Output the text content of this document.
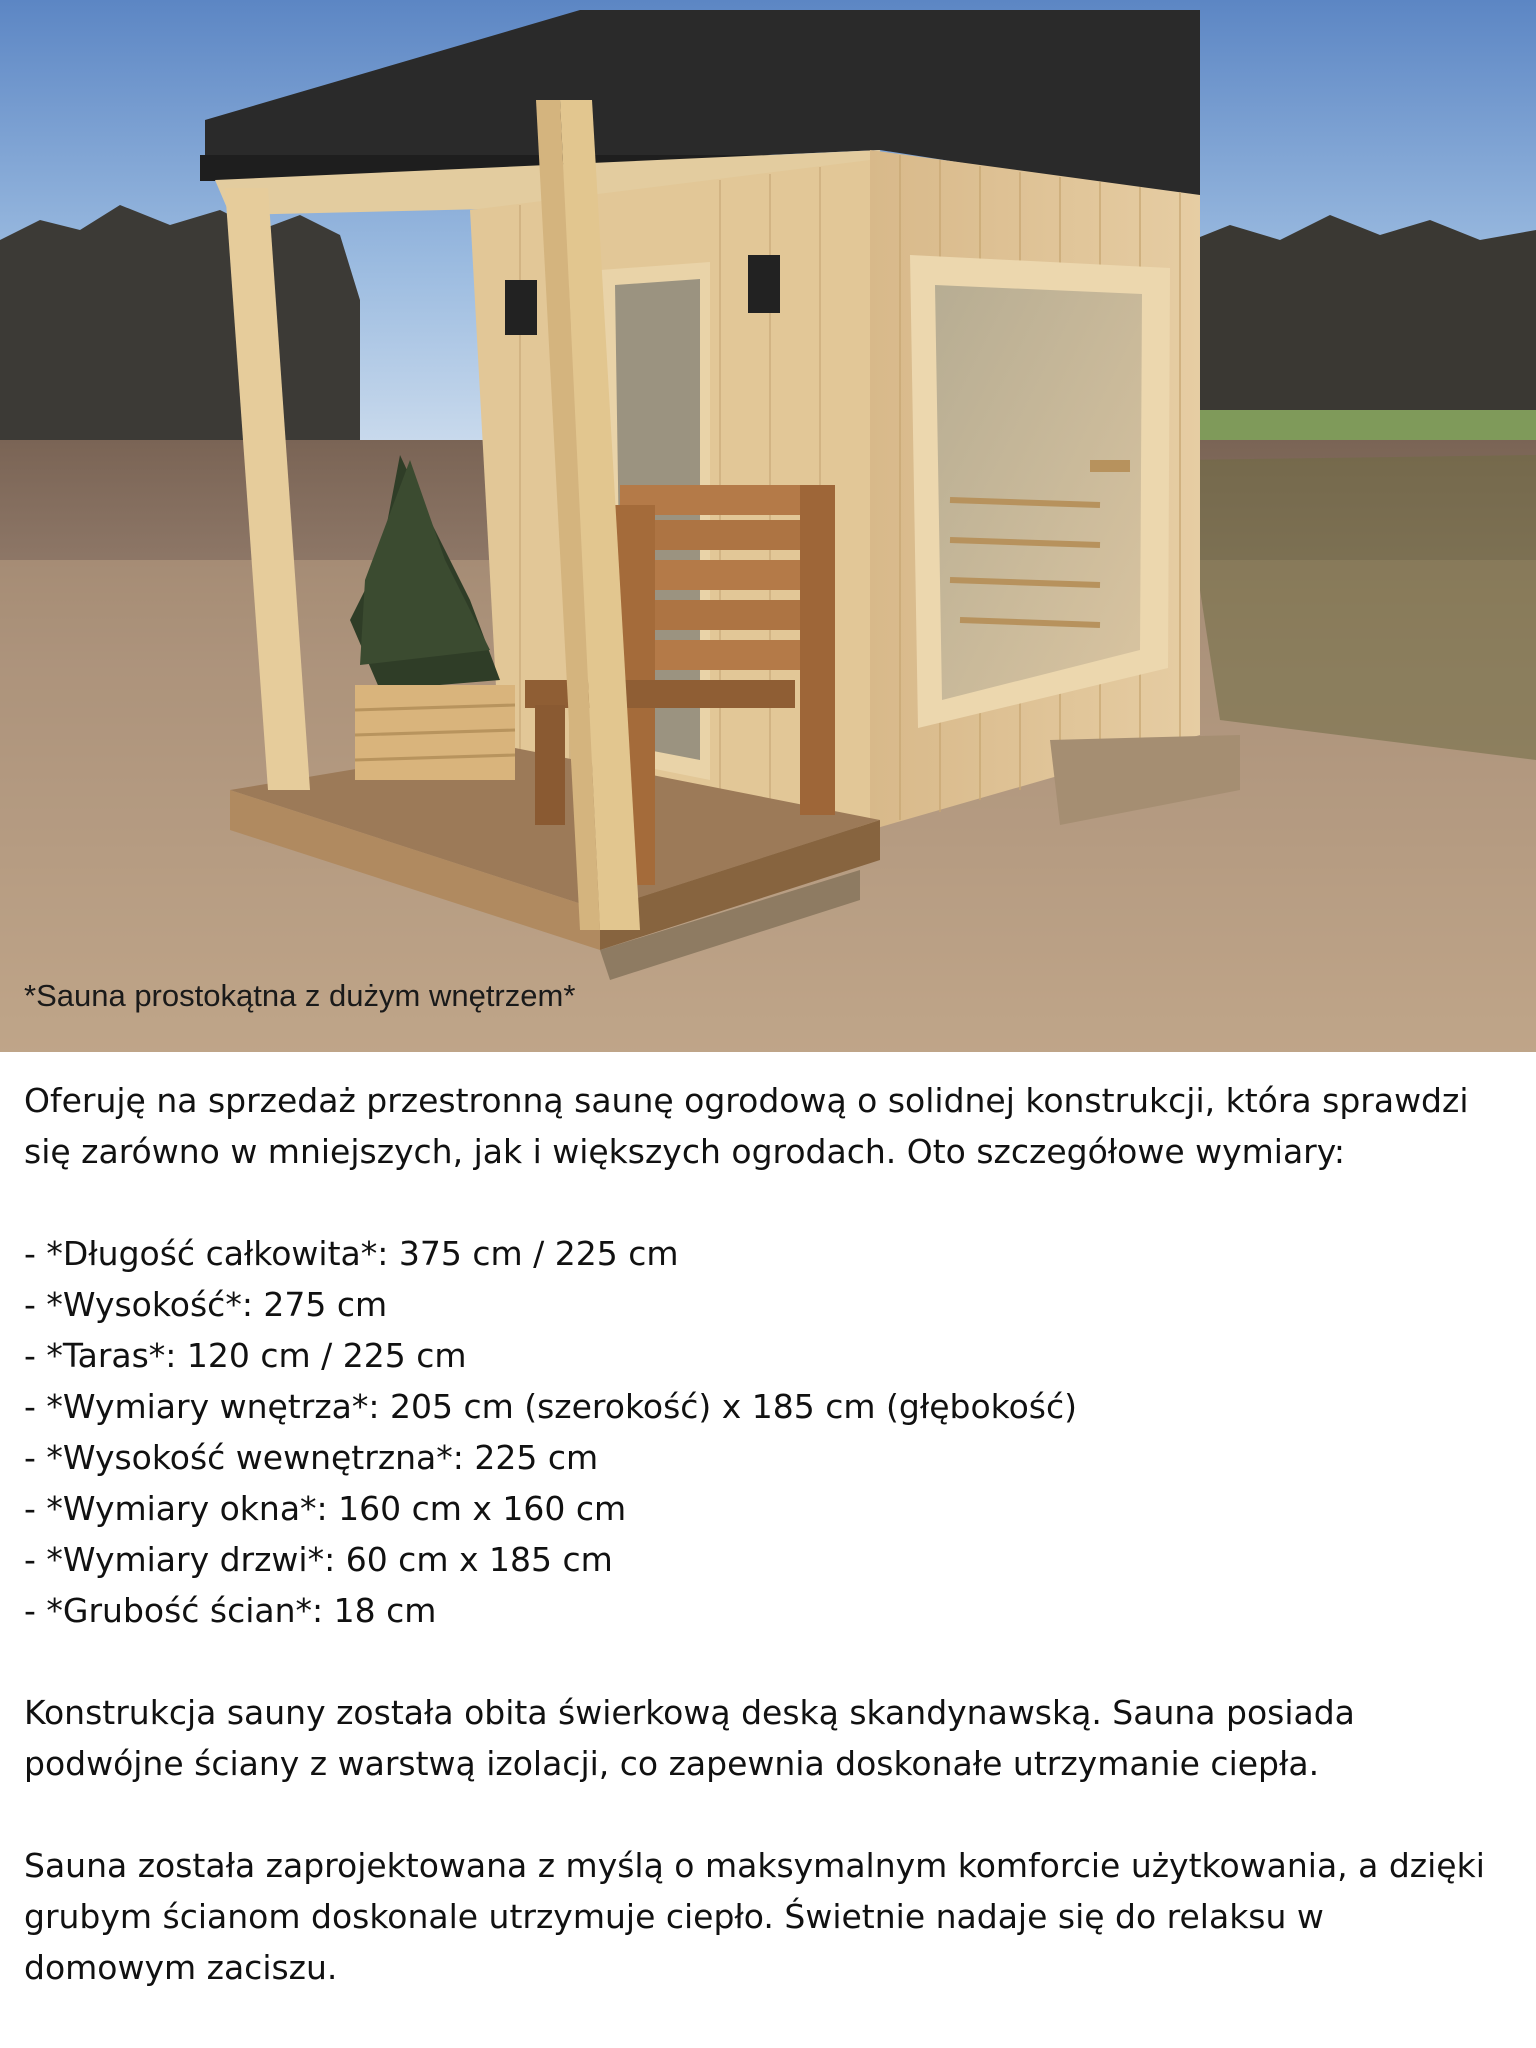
*Sauna prostokątna z dużym wnętrzem*

Oferuję na sprzedaż przestronną saunę ogrodową o solidnej konstrukcji, która sprawdzi

się zarówno w mniejszych, jak i większych ogrodach. Oto szczegółowe wymiary:

- *Długość całkowita*: 375 cm / 225 cm
- *Wysokość*: 275 cm
- *Taras*: 120 cm / 225 cm
- *Wymiary wnętrza*: 205 cm (szerokość) x 185 cm (głębokość)
- *Wysokość wewnętrzna*: 225 cm
- *Wymiary okna*: 160 cm x 160 cm
- *Wymiary drzwi*: 60 cm x 185 cm
- *Grubość ścian*: 18 cm

Konstrukcja sauny została obita świerkową deską skandynawską. Sauna posiada

podwójne ściany z warstwą izolacji, co zapewnia doskonałe utrzymanie ciepła.

Sauna została zaprojektowana z myślą o maksymalnym komforcie użytkowania, a dzięki

grubym ścianom doskonale utrzymuje ciepło. Świetnie nadaje się do relaksu w

domowym zaciszu.
